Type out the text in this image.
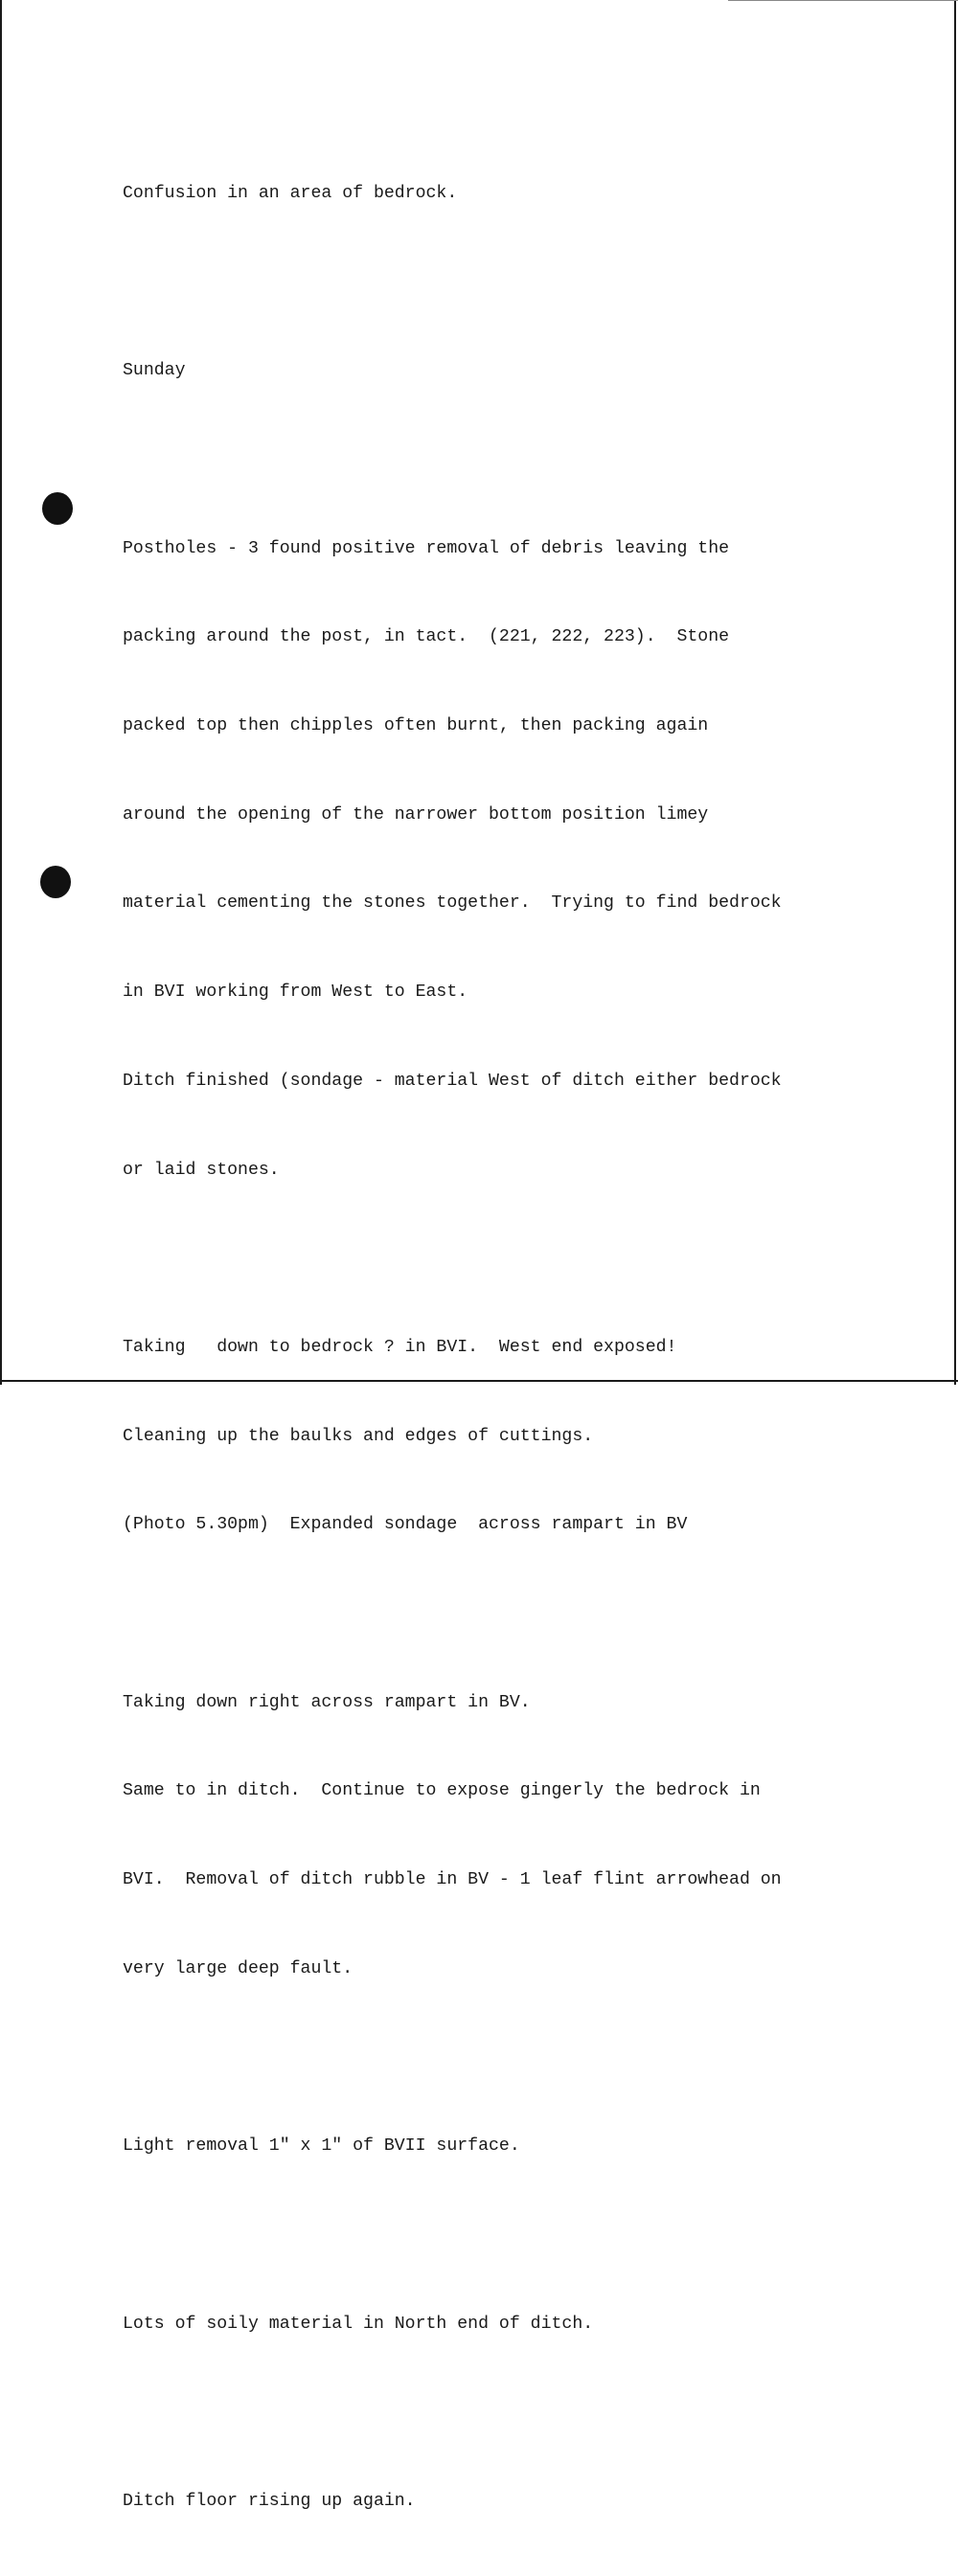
Confusion in an area of bedrock.

Sunday

Postholes - 3 found positive removal of debris leaving the

packing around the post, in tact.  (221, 222, 223).  Stone

packed top then chipples often burnt, then packing again

around the opening of the narrower bottom position limey

material cementing the stones together.  Trying to find bedrock

in BVI working from West to East.

Ditch finished (sondage - material West of ditch either bedrock

or laid stones.

Taking   down to bedrock ? in BVI.  West end exposed!

Cleaning up the baulks and edges of cuttings.

(Photo 5.30pm)  Expanded sondage  across rampart in BV

Taking down right across rampart in BV.

Same to in ditch.  Continue to expose gingerly the bedrock in

BVI.  Removal of ditch rubble in BV - 1 leaf flint arrowhead on

very large deep fault.

Light removal 1" x 1" of BVII surface.

Lots of soily material in North end of ditch.

Ditch floor rising up again.
